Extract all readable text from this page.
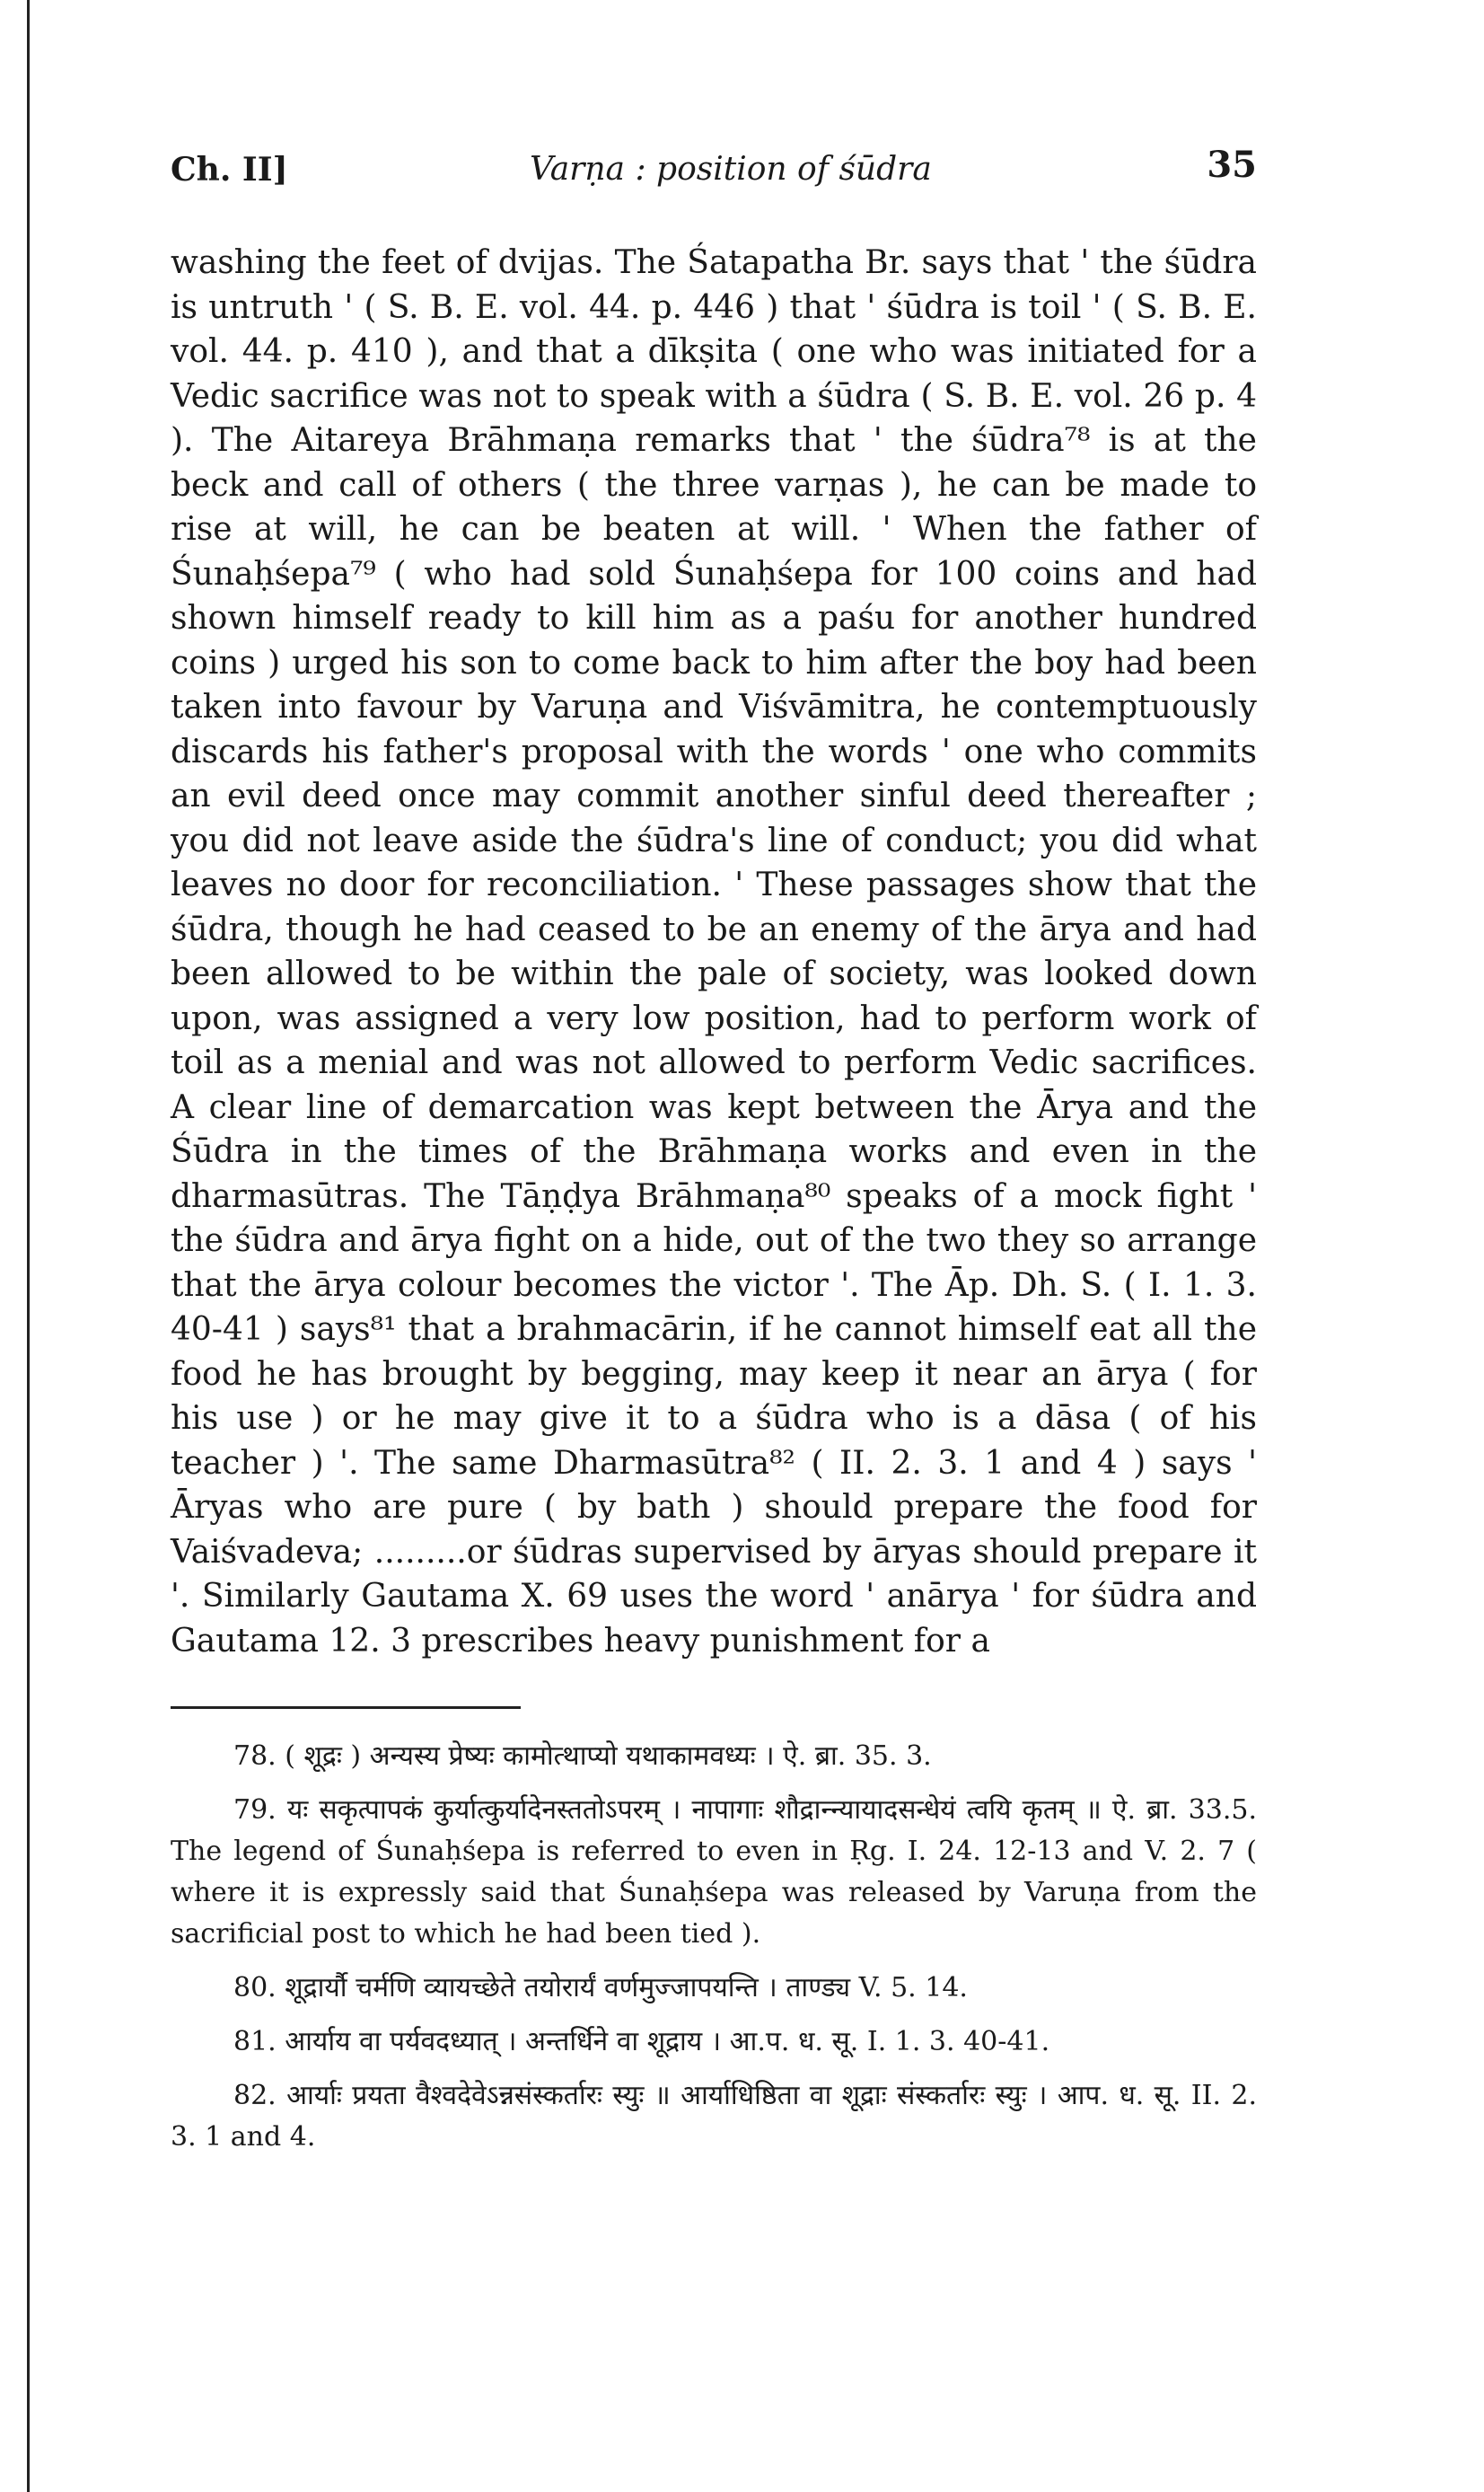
Ch. II]	Varṇa : position of śūdra	35

washing the feet of dvijas. The Śatapatha Br. says that ' the śūdra is untruth ' ( S. B. E. vol. 44. p. 446 ) that ' śūdra is toil ' ( S. B. E. vol. 44. p. 410 ), and that a dīkṣita ( one who was initiated for a Vedic sacrifice was not to speak with a śūdra ( S. B. E. vol. 26 p. 4 ). The Aitareya Brāhmaṇa remarks that ' the śūdra⁷⁸ is at the beck and call of others ( the three varṇas ), he can be made to rise at will, he can be beaten at will. ' When the father of Śunaḥśepa⁷⁹ ( who had sold Śunaḥśepa for 100 coins and had shown himself ready to kill him as a paśu for another hundred coins ) urged his son to come back to him after the boy had been taken into favour by Varuṇa and Viśvāmitra, he contemptuously discards his father's proposal with the words ' one who commits an evil deed once may commit another sinful deed thereafter ; you did not leave aside the śūdra's line of conduct; you did what leaves no door for reconciliation. ' These passages show that the śūdra, though he had ceased to be an enemy of the ārya and had been allowed to be within the pale of society, was looked down upon, was assigned a very low position, had to perform work of toil as a menial and was not allowed to perform Vedic sacrifices. A clear line of demarcation was kept between the Ārya and the Śūdra in the times of the Brāhmaṇa works and even in the dharmasūtras. The Tāṇḍya Brāhmaṇa⁸⁰ speaks of a mock fight ' the śūdra and ārya fight on a hide, out of the two they so arrange that the ārya colour becomes the victor '. The Āp. Dh. S. ( I. 1. 3. 40-41 ) says⁸¹ that a brahmacārin, if he cannot himself eat all the food he has brought by begging, may keep it near an ārya ( for his use ) or he may give it to a śūdra who is a dāsa ( of his teacher ) '. The same Dharmasūtra⁸² ( II. 2. 3. 1 and 4 ) says ' Āryas who are pure ( by bath ) should prepare the food for Vaiśvadeva; .........or śūdras supervised by āryas should prepare it '. Similarly Gautama X. 69 uses the word ' anārya ' for śūdra and Gautama 12. 3 prescribes heavy punishment for a

78. ( शूद्रः ) अन्यस्य प्रेष्यः कामोत्थाप्यो यथाकामवध्यः । ऐ. ब्रा. 35. 3.
79. यः सकृत्पापकं कुर्यात्कुर्यादेनस्ततोऽपरम् । नापागाः शौद्रान्न्यायादसन्धेयं त्वयि कृतम् ॥ ऐ. ब्रा. 33.5. The legend of Śunaḥśepa is referred to even in Ṛg. I. 24. 12-13 and V. 2. 7 ( where it is expressly said that Śunaḥśepa was released by Varuṇa from the sacrificial post to which he had been tied ).
80. शूद्रार्यौ चर्मणि व्यायच्छेते तयोरार्यं वर्णमुज्जापयन्ति । ताण्ड्य V. 5. 14.
81. आर्याय वा पर्यवदध्यात् । अन्तर्धिने वा शूद्राय । आ.प. ध. सू. I. 1. 3. 40-41.
82. आर्याः प्रयता वैश्वदेवेऽन्नसंस्कर्तारः स्युः ॥ आर्याधिष्ठिता वा शूद्राः संस्कर्तारः स्युः । आप. ध. सू. II. 2. 3. 1 and 4.
